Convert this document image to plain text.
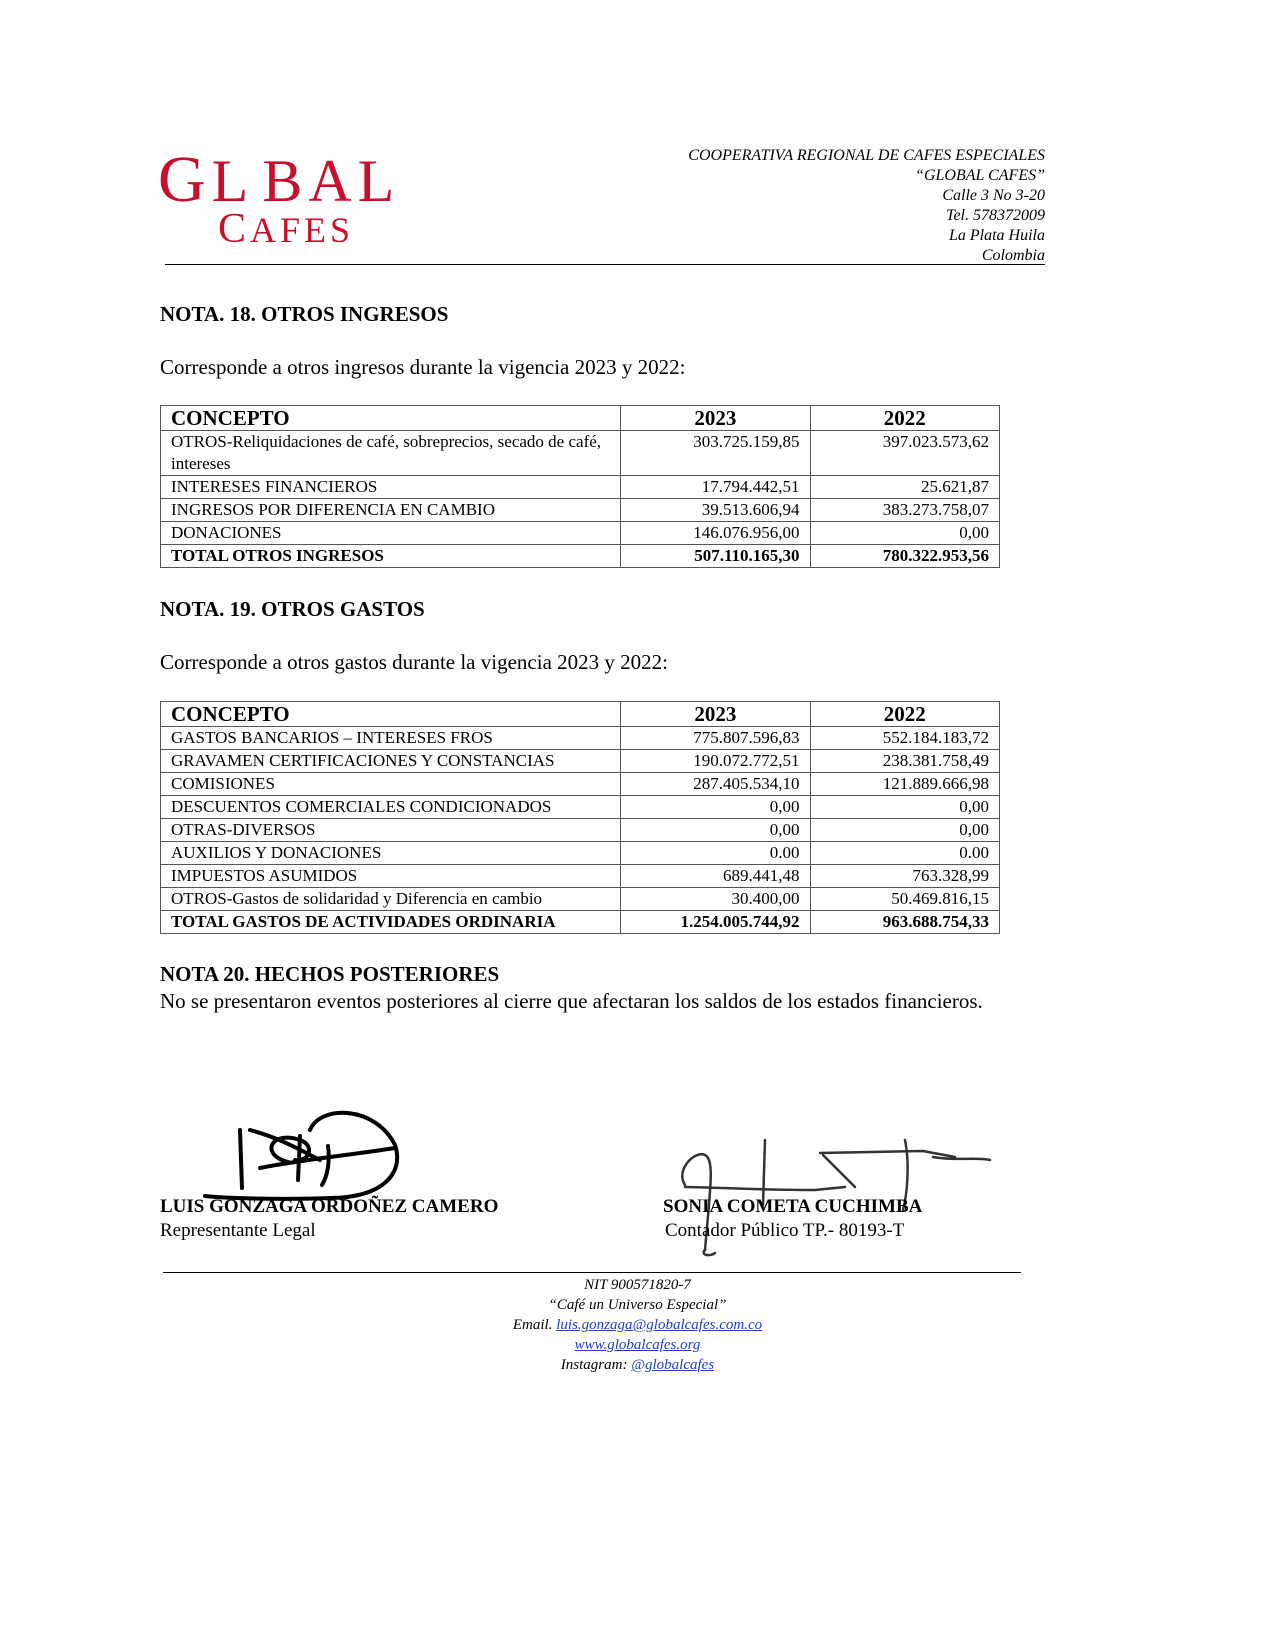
GL BAL
CAFES
COOPERATIVA REGIONAL DE CAFES ESPECIALES
“GLOBAL CAFES”
Calle 3 No 3-20
Tel. 578372009
La Plata Huila
Colombia
NOTA. 18. OTROS INGRESOS

Corresponde a otros ingresos durante la vigencia 2023 y 2022:

CONCEPTO	2023	2022
OTROS-Reliquidaciones de café, sobreprecios, secado de café, intereses	303.725.159,85	397.023.573,62
INTERESES FINANCIEROS	17.794.442,51	25.621,87
INGRESOS POR DIFERENCIA EN CAMBIO	39.513.606,94	383.273.758,07
DONACIONES	146.076.956,00	0,00
TOTAL OTROS INGRESOS	507.110.165,30	780.322.953,56
NOTA. 19. OTROS GASTOS

Corresponde a otros gastos durante la vigencia 2023 y 2022:

CONCEPTO	2023	2022
GASTOS BANCARIOS – INTERESES FROS	775.807.596,83	552.184.183,72
GRAVAMEN CERTIFICACIONES Y CONSTANCIAS	190.072.772,51	238.381.758,49
COMISIONES	287.405.534,10	121.889.666,98
DESCUENTOS COMERCIALES CONDICIONADOS	0,00	0,00
OTRAS-DIVERSOS	0,00	0,00
AUXILIOS Y DONACIONES	0.00	0.00
IMPUESTOS ASUMIDOS	689.441,48	763.328,99
OTROS-Gastos de solidaridad y Diferencia en cambio	30.400,00	50.469.816,15
TOTAL GASTOS DE ACTIVIDADES ORDINARIA	1.254.005.744,92	963.688.754,33
NOTA 20. HECHOS POSTERIORES

No se presentaron eventos posteriores al cierre que afectaran los saldos de los estados financieros.

LUIS GONZAGA ORDOÑEZ CAMERO
Representante Legal
SONIA COMETA CUCHIMBA
Contador Público TP.- 80193-T
NIT 900571820-7
“Café un Universo Especial”
Email. luis.gonzaga@globalcafes.com.co
www.globalcafes.org
Instagram: @globalcafes
